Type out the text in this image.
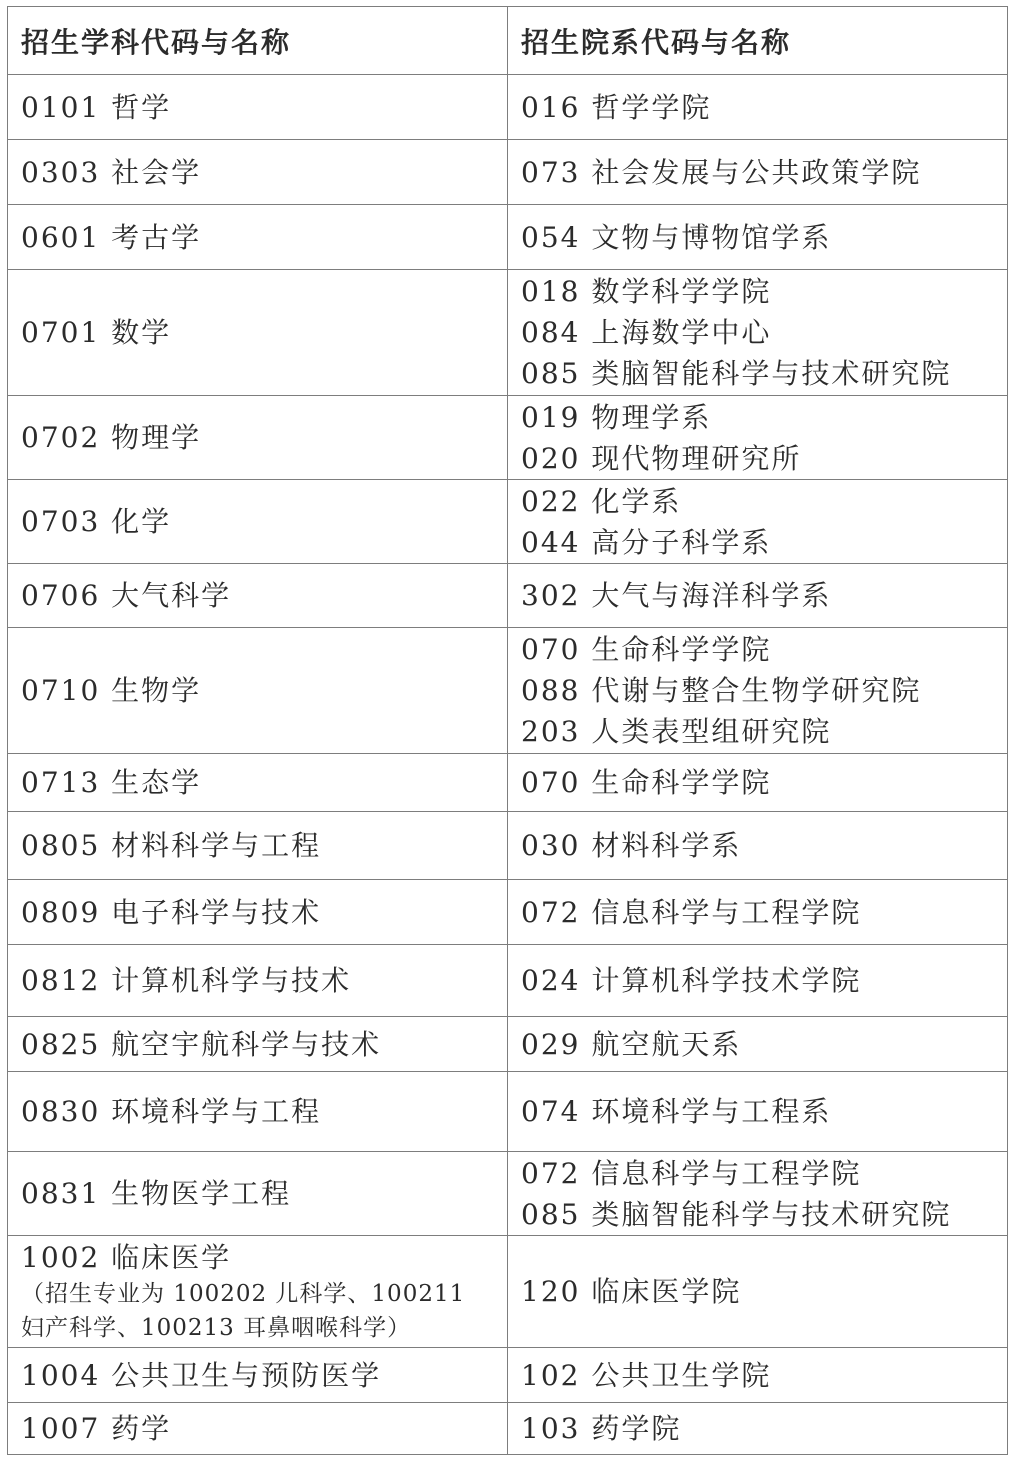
招生学科代码与名称	招生院系代码与名称

0101 哲学	016 哲学学院

0303 社会学	073 社会发展与公共政策学院

0601 考古学	054 文物与博物馆学系

0701 数学	018 数学科学学院
084 上海数学中心
085 类脑智能科学与技术研究院

0702 物理学	019 物理学系
020 现代物理研究所

0703 化学	022 化学系
044 高分子科学系

0706 大气科学	302 大气与海洋科学系

0710 生物学	070 生命科学学院
088 代谢与整合生物学研究院
203 人类表型组研究院

0713 生态学	070 生命科学学院

0805 材料科学与工程	030 材料科学系

0809 电子科学与技术	072 信息科学与工程学院

0812 计算机科学与技术	024 计算机科学技术学院

0825 航空宇航科学与技术	029 航空航天系

0830 环境科学与工程	074 环境科学与工程系

0831 生物医学工程	072 信息科学与工程学院
085 类脑智能科学与技术研究院

1002 临床医学
（招生专业为 100202 儿科学、100211
妇产科学、100213 耳鼻咽喉科学）	120 临床医学院

1004 公共卫生与预防医学	102 公共卫生学院

1007 药学	103 药学院
